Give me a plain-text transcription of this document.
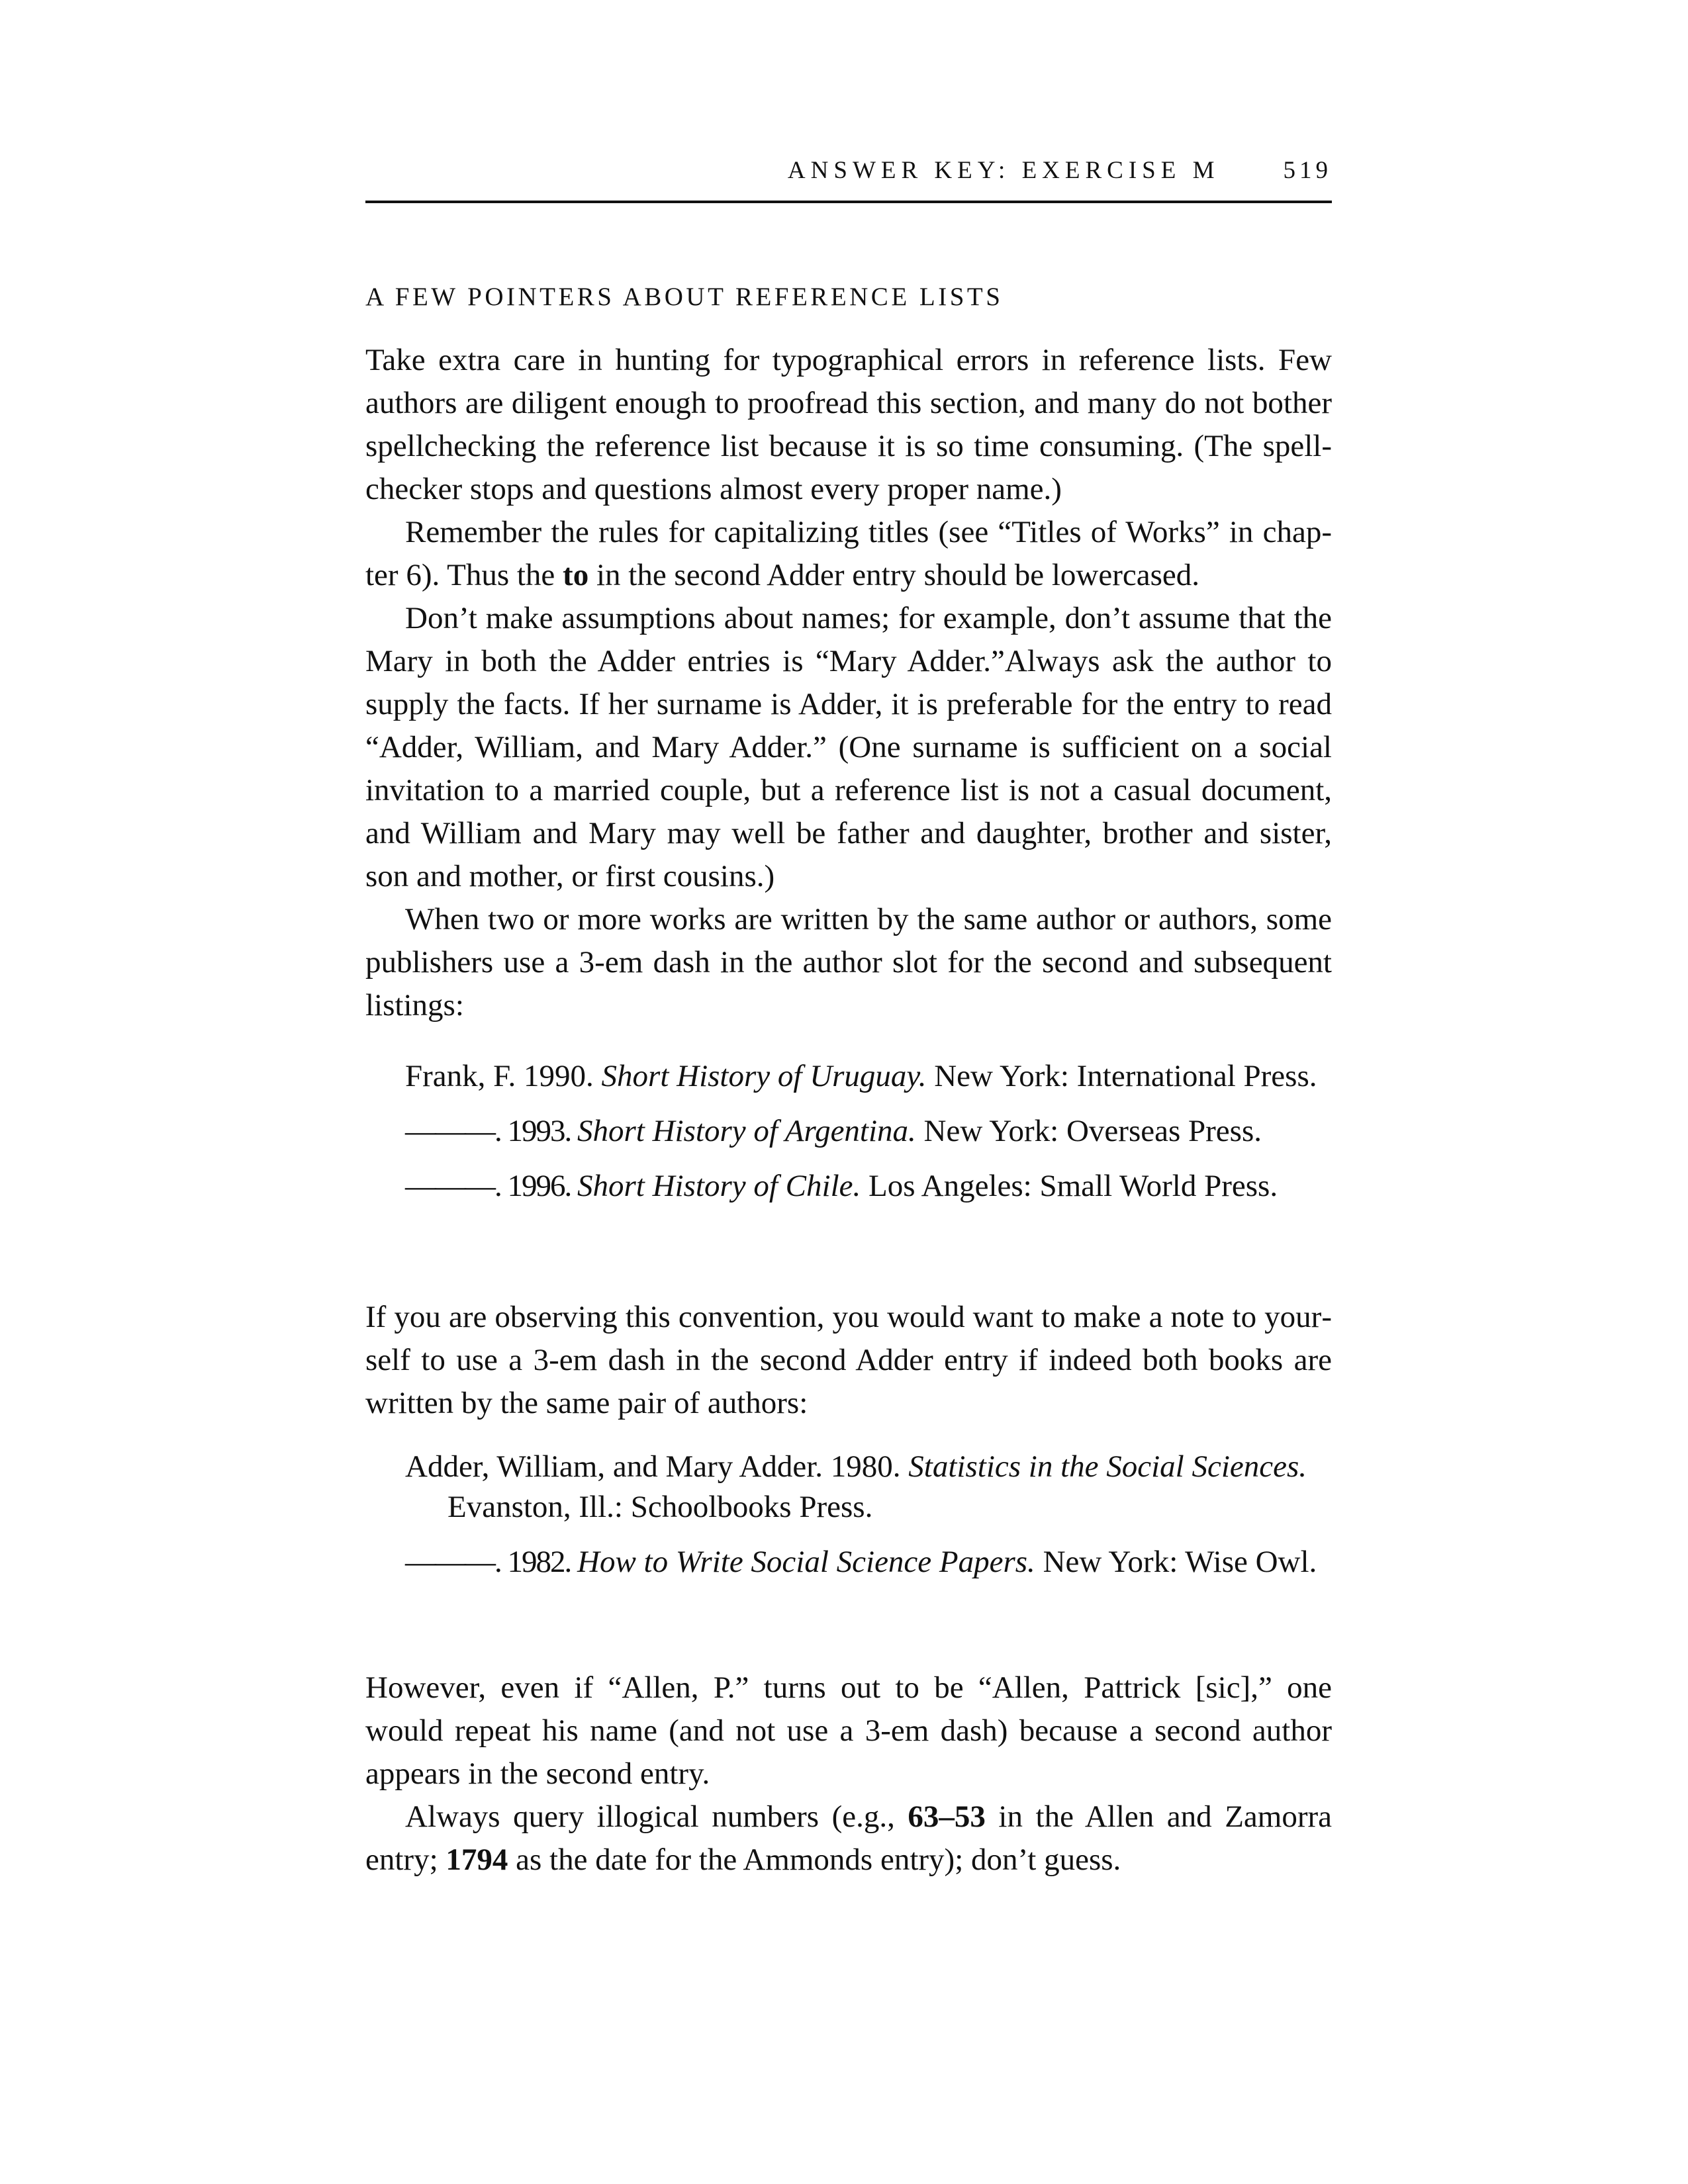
ANSWER KEY: EXERCISE M	519
A FEW POINTERS ABOUT REFERENCE LISTS

Take extra care in hunting for typographical errors in reference lists. Few authors are diligent enough to proofread this section, and many do not bother spellchecking the reference list because it is so time consuming. (The spellchecker stops and questions almost every proper name.)

Remember the rules for capitalizing titles (see “Titles of Works” in chapter 6). Thus the to in the second Adder entry should be lowercased.

Don’t make assumptions about names; for example, don’t assume that the Mary in both the Adder entries is “Mary Adder.”Always ask the author to supply the facts. If her surname is Adder, it is preferable for the entry to read “Adder, William, and Mary Adder.” (One surname is sufficient on a social invitation to a married couple, but a reference list is not a casual document, and William and Mary may well be father and daughter, brother and sister, son and mother, or first cousins.)

When two or more works are written by the same author or authors, some publishers use a 3-em dash in the author slot for the second and subsequent listings:

Frank, F. 1990. Short History of Uruguay. New York: International Press.

———. 1993. Short History of Argentina. New York: Overseas Press.

———. 1996. Short History of Chile. Los Angeles: Small World Press.

If you are observing this convention, you would want to make a note to yourself to use a 3-em dash in the second Adder entry if indeed both books are written by the same pair of authors:

Adder, William, and Mary Adder. 1980. Statistics in the Social Sciences. Evanston, Ill.: Schoolbooks Press.

———. 1982. How to Write Social Science Papers. New York: Wise Owl.

However, even if “Allen, P.” turns out to be “Allen, Pattrick [sic],” one would repeat his name (and not use a 3-em dash) because a second author appears in the second entry.

Always query illogical numbers (e.g., 63–53 in the Allen and Zamorra entry; 1794 as the date for the Ammonds entry); don’t guess.
